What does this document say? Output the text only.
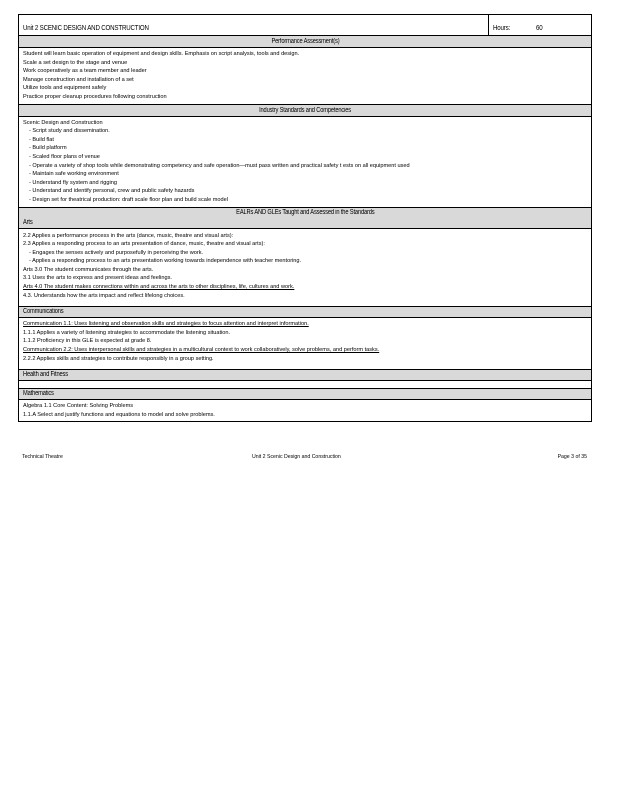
Unit 2 SCENIC DESIGN AND CONSTRUCTION	Hours:	60
Performance Assessment(s)

Student will learn basic operation of equipment and design skills. Emphasis on script analysis, tools and design.
Scale a set design to the stage and venue
Work cooperatively as a team member and leader
Manage construction and installation of a set
Utilize tools and equipment safely
Practice proper cleanup procedures following construction

Industry Standards and Competencies

Scenic Design and Construction
- Script study and dissemination.
- Build flat
- Build platform
- Scaled floor plans of venue
- Operate a variety of shop tools while demonstrating competency and safe operation—must pass written and practical safety t ests on all equipment used
- Maintain safe working environment
- Understand fly system and rigging
- Understand and identify personal, crew and public safety hazards
- Design set for theatrical production: draft scale floor plan and build scale model

EALRs AND GLEs Taught and Assessed in the Standards
Arts

2.2 Applies a performance process in the arts (dance, music, theatre and visual arts):
2.3 Applies a responding process to an arts presentation of dance, music, theatre and visual arts):
- Engages the senses actively and purposefully in perceiving the work.
- Applies a responding process to an arts presentation working towards independence with teacher mentoring.
Arts 3.0 The student communicates through the arts.
3.1 Uses the arts to express and present ideas and feelings.
Arts 4.0 The student makes connections within and across the arts to other disciplines, life, cultures and work.
4.3. Understands how the arts impact and reflect lifelong choices.

Communications

Communication 1.1: Uses listening and observation skills and strategies to focus attention and interpret information.
1.1.1 Applies a variety of listening strategies to accommodate the listening situation.
1.1.2 Proficiency in this GLE is expected at grade 8.
Communication 2.2: Uses interpersonal skills and strategies in a multicultural context to work collaboratively, solve problems, and perform tasks.
2.2.2 Applies skills and strategies to contribute responsibly in a group setting.

Health and Fitness

Mathematics

Algebra 1.1 Core Content: Solving Problems
1.1.A Select and justify functions and equations to model and solve problems.
Technical Theatre	Unit 2 Scenic Design and Construction	Page 3 of 35
